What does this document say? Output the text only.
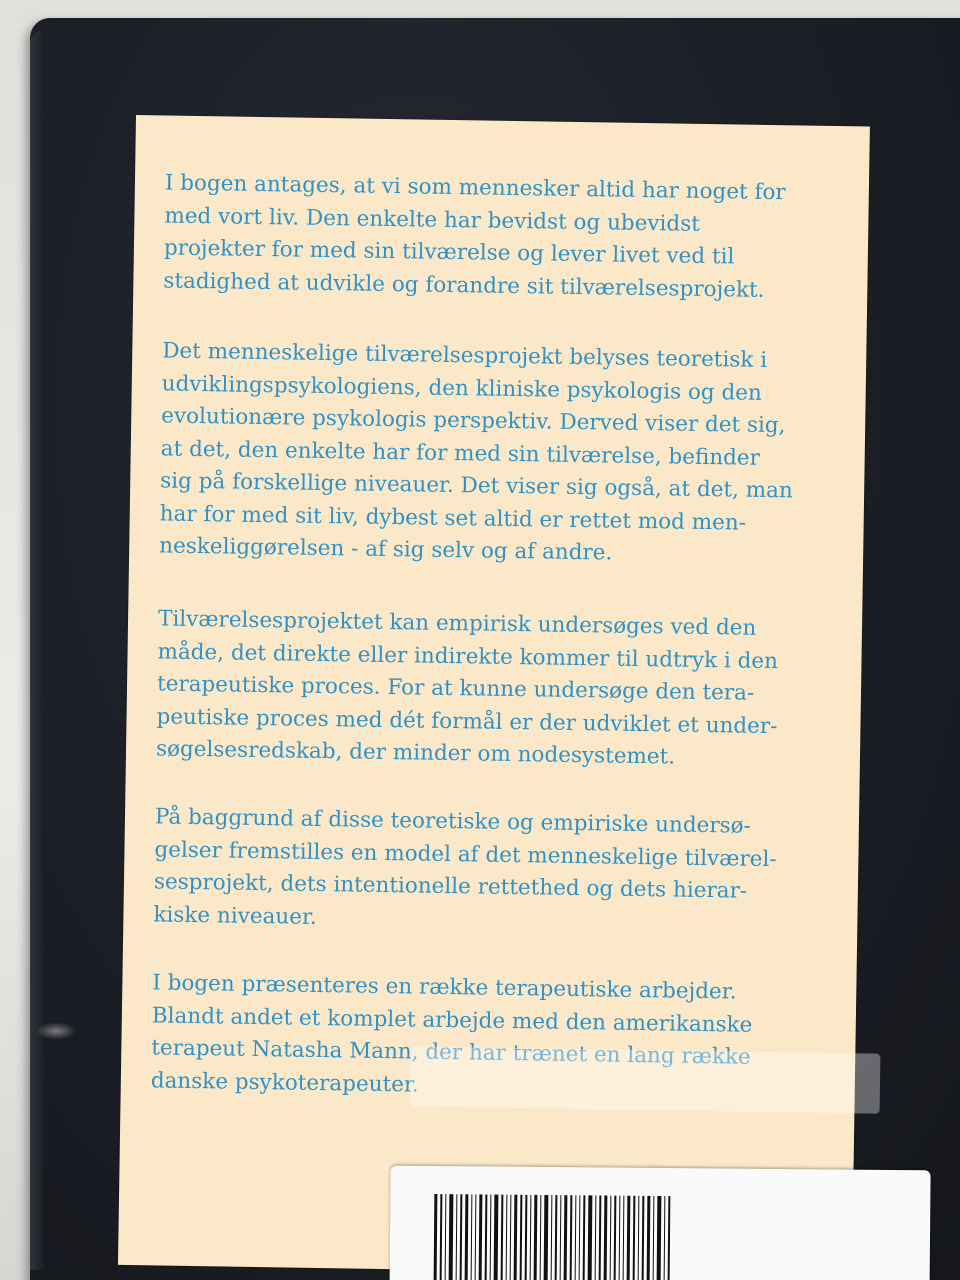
I bogen antages, at vi som mennesker altid har noget for
med vort liv. Den enkelte har bevidst og ubevidst
projekter for med sin tilværelse og lever livet ved til
stadighed at udvikle og forandre sit tilværelsesprojekt.

Det menneskelige tilværelsesprojekt belyses teoretisk i
udviklingspsykologiens, den kliniske psykologis og den
evolutionære psykologis perspektiv. Derved viser det sig,
at det, den enkelte har for med sin tilværelse, befinder
sig på forskellige niveauer. Det viser sig også, at det, man
har for med sit liv, dybest set altid er rettet mod men-
neskeliggørelsen - af sig selv og af andre.

Tilværelsesprojektet kan empirisk undersøges ved den
måde, det direkte eller indirekte kommer til udtryk i den
terapeutiske proces. For at kunne undersøge den tera-
peutiske proces med dét formål er der udviklet et under-
søgelsesredskab, der minder om nodesystemet.

På baggrund af disse teoretiske og empiriske undersø-
gelser fremstilles en model af det menneskelige tilværel-
sesprojekt, dets intentionelle rettethed og dets hierar-
kiske niveauer.

I bogen præsenteres en række terapeutiske arbejder.
Blandt andet et komplet arbejde med den amerikanske
terapeut Natasha Mann, der har trænet en lang række
danske psykoterapeuter.
